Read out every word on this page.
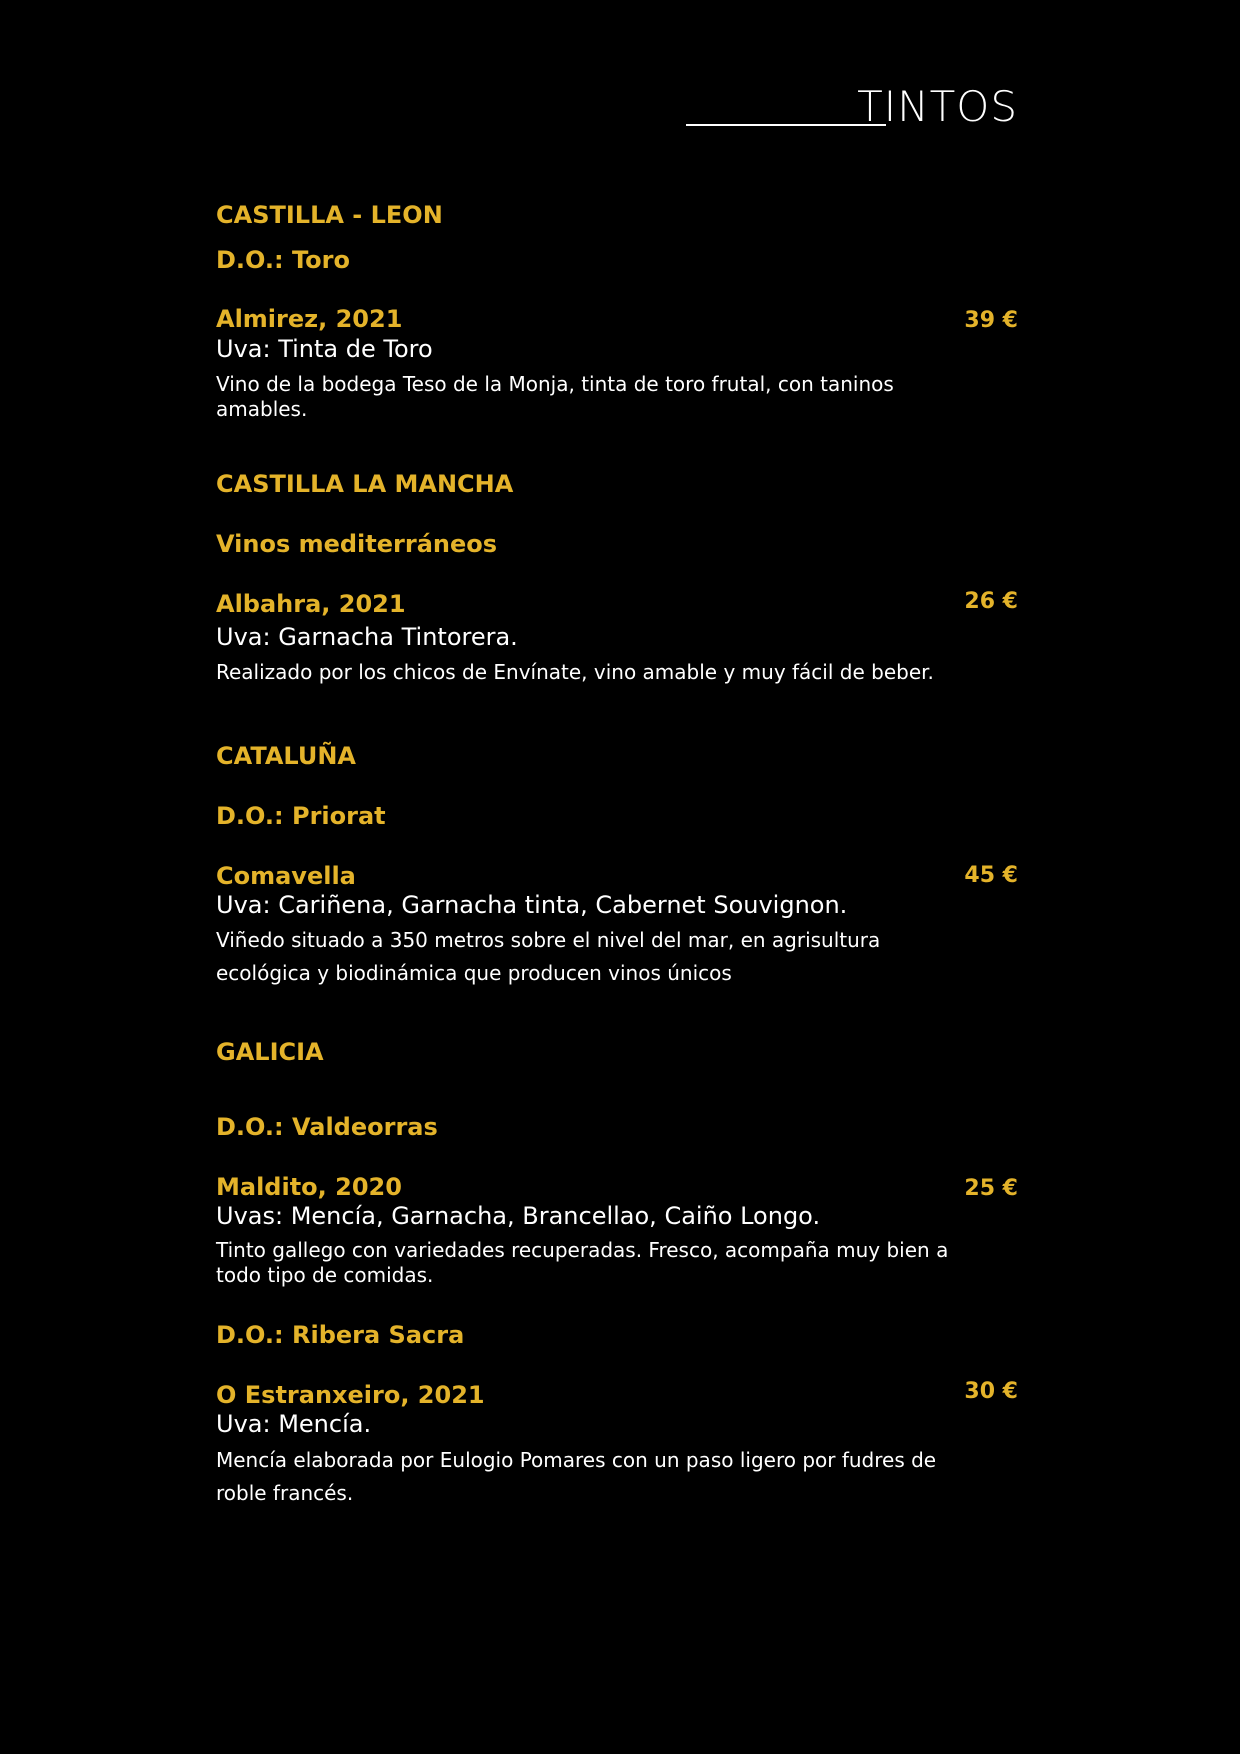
TINTOS
CASTILLA - LEON
D.O.: Toro
Almirez, 2021	39 €
Uva: Tinta de Toro
Vino de la bodega Teso de la Monja, tinta de toro frutal, con taninos amables.
CASTILLA LA MANCHA
Vinos mediterráneos
Albahra, 2021	26 €
Uva: Garnacha Tintorera.
Realizado por los chicos de Envínate, vino amable y muy fácil de beber.
CATALUÑA
D.O.: Priorat
Comavella	45 €
Uva: Cariñena, Garnacha tinta, Cabernet Souvignon.
Viñedo situado a 350 metros sobre el nivel del mar, en agrisultura ecológica y biodinámica que producen vinos únicos
GALICIA
D.O.: Valdeorras
Maldito, 2020	25 €
Uvas: Mencía, Garnacha, Brancellao, Caiño Longo.
Tinto gallego con variedades recuperadas. Fresco, acompaña muy bien a todo tipo de comidas.
D.O.: Ribera Sacra
O Estranxeiro, 2021	30 €
Uva: Mencía.
Mencía elaborada por Eulogio Pomares con un paso ligero por fudres de roble francés.
